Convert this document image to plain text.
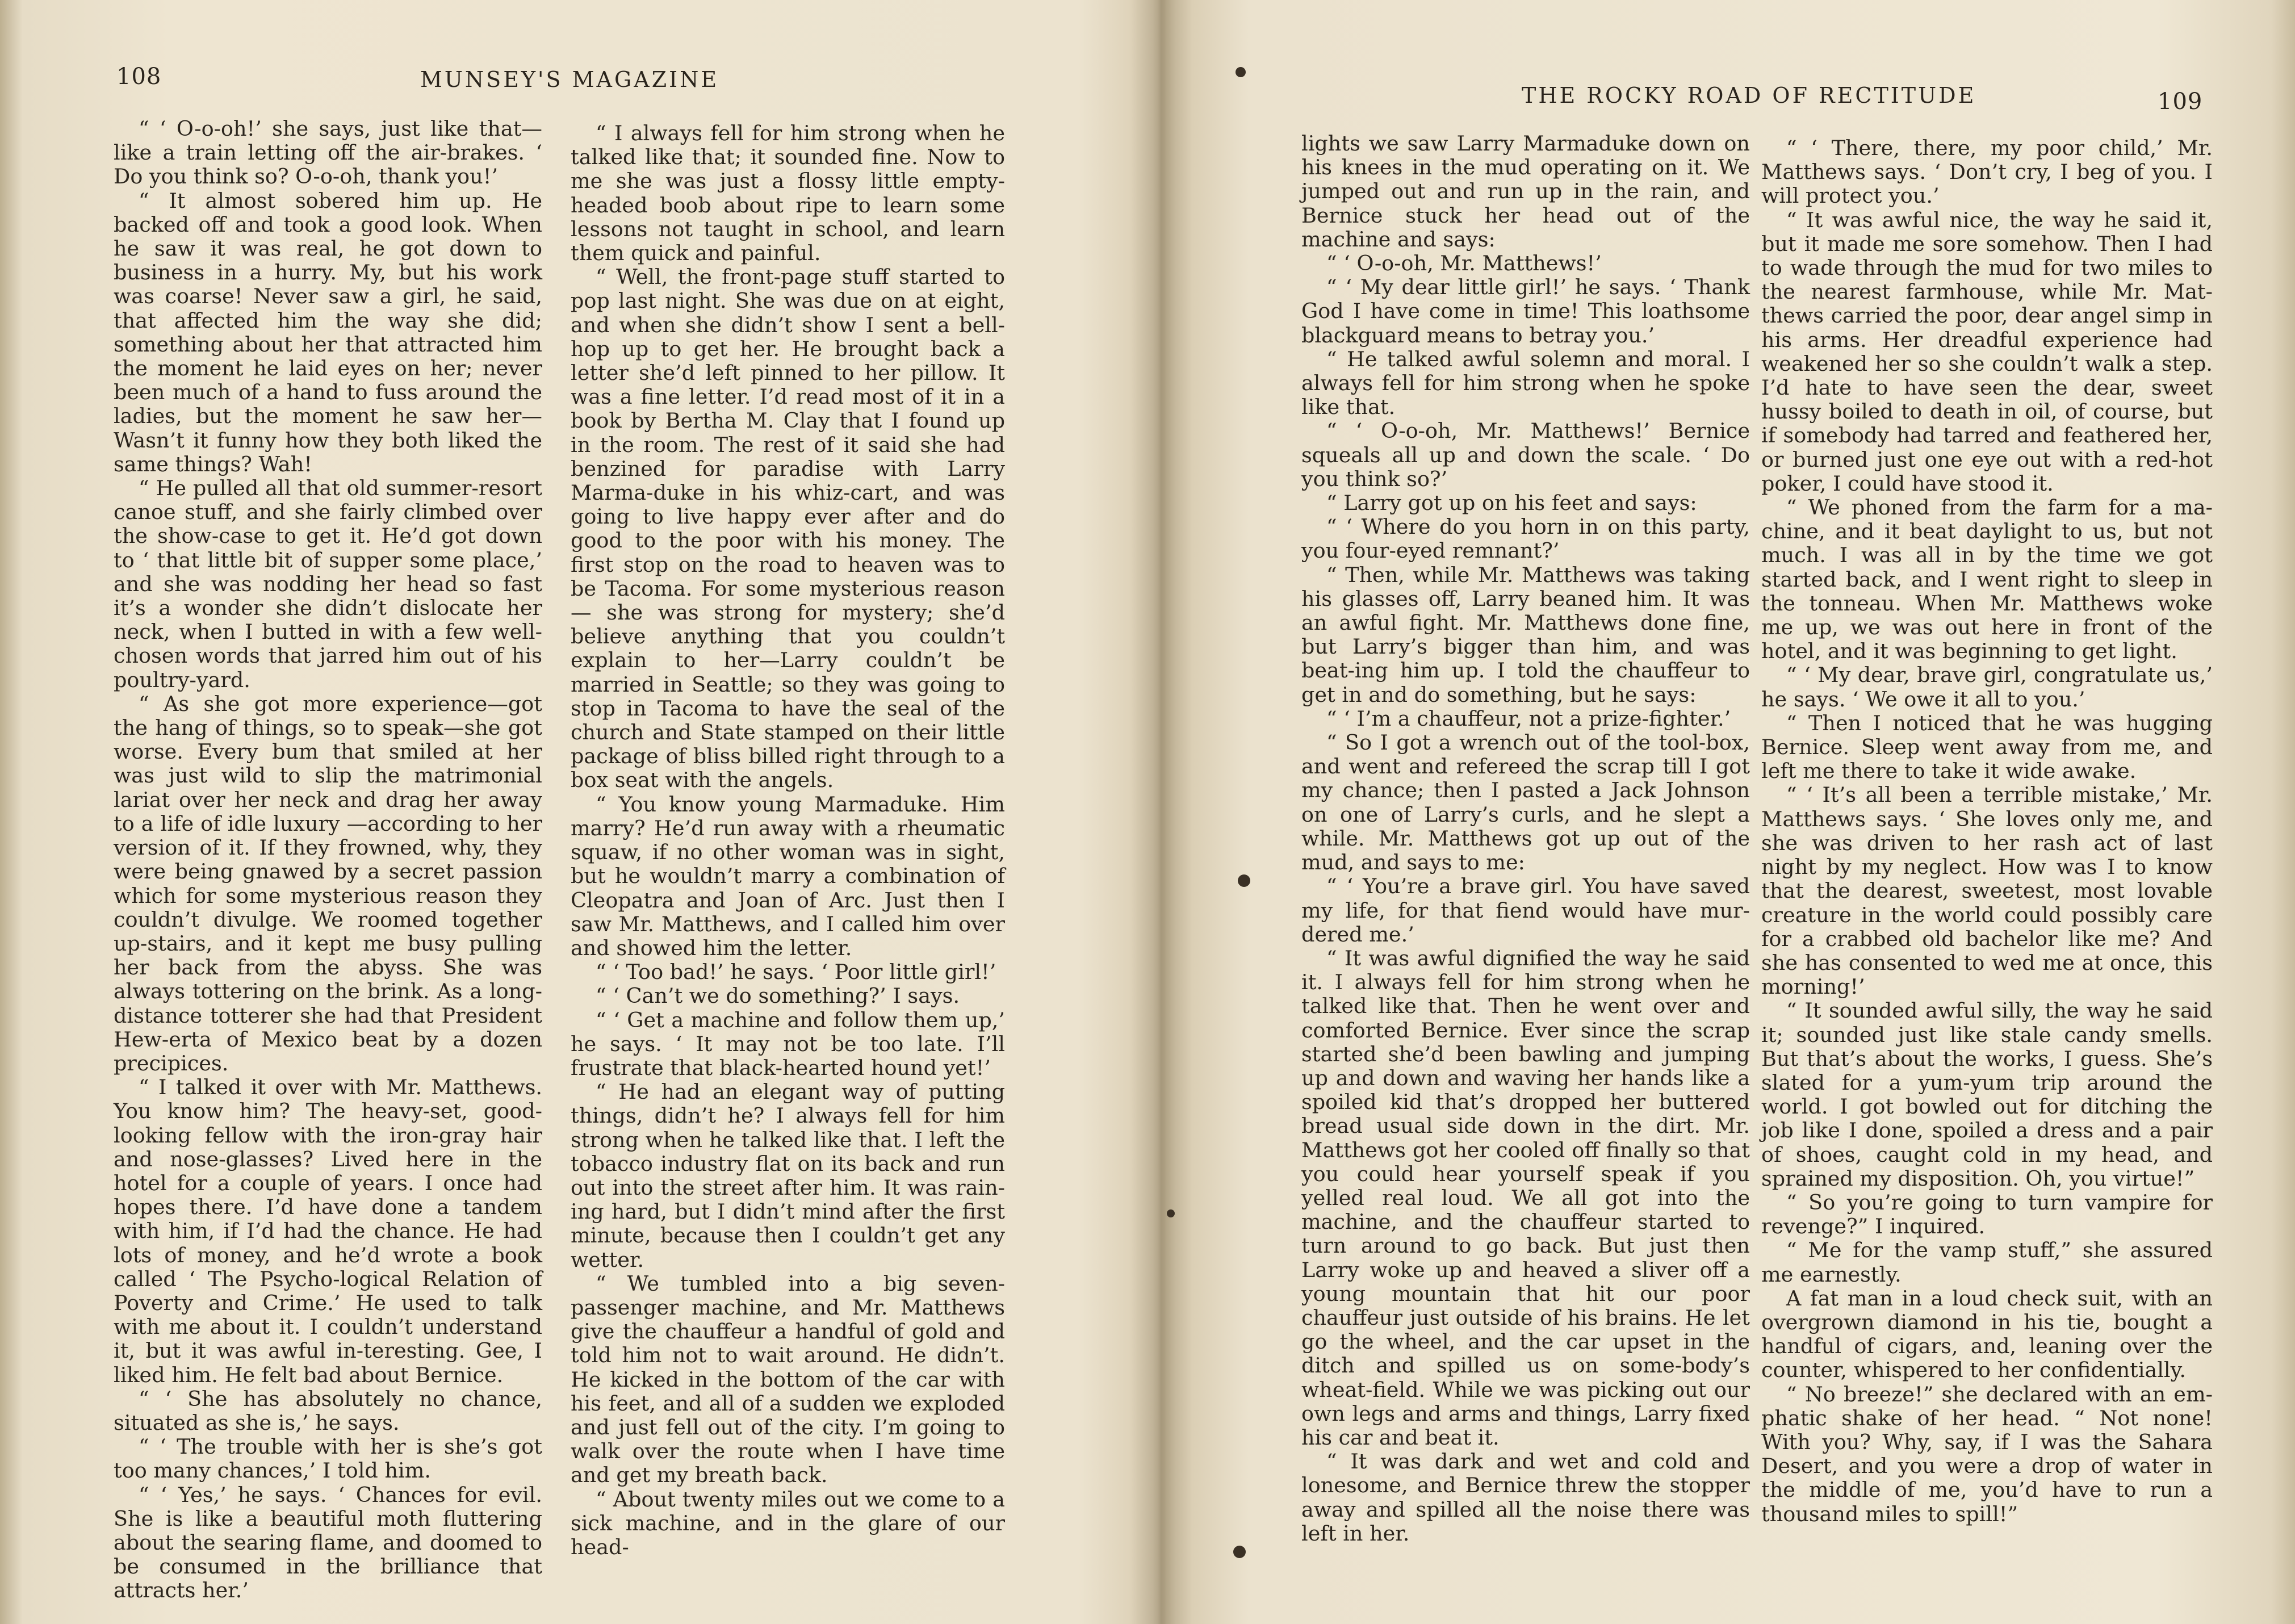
108	MUNSEY'S MAGAZINE

“ ‘ O-o-oh!’ she says, just like that—like a train letting off the air-brakes. ‘ Do you think so? O-o-oh, thank you!’

“ It almost sobered him up. He backed off and took a good look. When he saw it was real, he got down to business in a hurry. My, but his work was coarse! Never saw a girl, he said, that affected him the way she did; something about her that attracted him the moment he laid eyes on her; never been much of a hand to fuss around the ladies, but the moment he saw her— Wasn’t it funny how they both liked the same things? Wah!

“ He pulled all that old summer-resort canoe stuff, and she fairly climbed over the show-case to get it. He’d got down to ‘ that little bit of supper some place,’ and she was nodding her head so fast it’s a wonder she didn’t dislocate her neck, when I butted in with a few well-chosen words that jarred him out of his poultry-yard.

“ As she got more experience—got the hang of things, so to speak—she got worse. Every bum that smiled at her was just wild to slip the matrimonial lariat over her neck and drag her away to a life of idle luxury —according to her version of it. If they frowned, why, they were being gnawed by a secret passion which for some mysterious reason they couldn’t divulge. We roomed together up-stairs, and it kept me busy pulling her back from the abyss. She was always tottering on the brink. As a long-distance totterer she had that President Hew-erta of Mexico beat by a dozen precipices.

“ I talked it over with Mr. Matthews. You know him? The heavy-set, good-looking fellow with the iron-gray hair and nose-glasses? Lived here in the hotel for a couple of years. I once had hopes there. I’d have done a tandem with him, if I’d had the chance. He had lots of money, and he’d wrote a book called ‘ The Psycho-logical Relation of Poverty and Crime.’ He used to talk with me about it. I couldn’t understand it, but it was awful in-teresting. Gee, I liked him. He felt bad about Bernice.

“ ‘ She has absolutely no chance, situated as she is,’ he says.

“ ‘ The trouble with her is she’s got too many chances,’ I told him.

“ ‘ Yes,’ he says. ‘ Chances for evil. She is like a beautiful moth fluttering about the searing flame, and doomed to be consumed in the brilliance that attracts her.’

“ I always fell for him strong when he talked like that; it sounded fine. Now to me she was just a flossy little empty-headed boob about ripe to learn some lessons not taught in school, and learn them quick and painful.

“ Well, the front-page stuff started to pop last night. She was due on at eight, and when she didn’t show I sent a bell-hop up to get her. He brought back a letter she’d left pinned to her pillow. It was a fine letter. I’d read most of it in a book by Bertha M. Clay that I found up in the room. The rest of it said she had benzined for paradise with Larry Marma-duke in his whiz-cart, and was going to live happy ever after and do good to the poor with his money. The first stop on the road to heaven was to be Tacoma. For some mysterious reason — she was strong for mystery; she’d believe anything that you couldn’t explain to her—Larry couldn’t be married in Seattle; so they was going to stop in Tacoma to have the seal of the church and State stamped on their little package of bliss billed right through to a box seat with the angels.

“ You know young Marmaduke. Him marry? He’d run away with a rheumatic squaw, if no other woman was in sight, but he wouldn’t marry a combination of Cleopatra and Joan of Arc. Just then I saw Mr. Matthews, and I called him over and showed him the letter.

“ ‘ Too bad!’ he says. ‘ Poor little girl!’

“ ‘ Can’t we do something?’ I says.

“ ‘ Get a machine and follow them up,’ he says. ‘ It may not be too late. I’ll frustrate that black-hearted hound yet!’

“ He had an elegant way of putting things, didn’t he? I always fell for him strong when he talked like that. I left the tobacco industry flat on its back and run out into the street after him. It was rain-ing hard, but I didn’t mind after the first minute, because then I couldn’t get any wetter.

“ We tumbled into a big seven-passenger machine, and Mr. Matthews give the chauffeur a handful of gold and told him not to wait around. He didn’t. He kicked in the bottom of the car with his feet, and all of a sudden we exploded and just fell out of the city. I’m going to walk over the route when I have time and get my breath back.

“ About twenty miles out we come to a sick machine, and in the glare of our head-

THE ROCKY ROAD OF RECTITUDE	109

lights we saw Larry Marmaduke down on his knees in the mud operating on it. We jumped out and run up in the rain, and Bernice stuck her head out of the machine and says:

“ ‘ O-o-oh, Mr. Matthews!’

“ ‘ My dear little girl!’ he says. ‘ Thank God I have come in time! This loathsome blackguard means to betray you.’

“ He talked awful solemn and moral. I always fell for him strong when he spoke like that.

“ ‘ O-o-oh, Mr. Matthews!’ Bernice squeals all up and down the scale. ‘ Do you think so?’

“ Larry got up on his feet and says:

“ ‘ Where do you horn in on this party, you four-eyed remnant?’

“ Then, while Mr. Matthews was taking his glasses off, Larry beaned him. It was an awful fight. Mr. Matthews done fine, but Larry’s bigger than him, and was beat-ing him up. I told the chauffeur to get in and do something, but he says:

“ ‘ I’m a chauffeur, not a prize-fighter.’

“ So I got a wrench out of the tool-box, and went and refereed the scrap till I got my chance; then I pasted a Jack Johnson on one of Larry’s curls, and he slept a while. Mr. Matthews got up out of the mud, and says to me:

“ ‘ You’re a brave girl. You have saved my life, for that fiend would have mur-dered me.’

“ It was awful dignified the way he said it. I always fell for him strong when he talked like that. Then he went over and comforted Bernice. Ever since the scrap started she’d been bawling and jumping up and down and waving her hands like a spoiled kid that’s dropped her buttered bread usual side down in the dirt. Mr. Matthews got her cooled off finally so that you could hear yourself speak if you yelled real loud. We all got into the machine, and the chauffeur started to turn around to go back. But just then Larry woke up and heaved a sliver off a young mountain that hit our poor chauffeur just outside of his brains. He let go the wheel, and the car upset in the ditch and spilled us on some-body’s wheat-field. While we was picking out our own legs and arms and things, Larry fixed his car and beat it.

“ It was dark and wet and cold and lonesome, and Bernice threw the stopper away and spilled all the noise there was left in her.

“ ‘ There, there, my poor child,’ Mr. Matthews says. ‘ Don’t cry, I beg of you. I will protect you.’

“ It was awful nice, the way he said it, but it made me sore somehow. Then I had to wade through the mud for two miles to the nearest farmhouse, while Mr. Mat-thews carried the poor, dear angel simp in his arms. Her dreadful experience had weakened her so she couldn’t walk a step. I’d hate to have seen the dear, sweet hussy boiled to death in oil, of course, but if somebody had tarred and feathered her, or burned just one eye out with a red-hot poker, I could have stood it.

“ We phoned from the farm for a ma-chine, and it beat daylight to us, but not much. I was all in by the time we got started back, and I went right to sleep in the tonneau. When Mr. Matthews woke me up, we was out here in front of the hotel, and it was beginning to get light.

“ ‘ My dear, brave girl, congratulate us,’ he says. ‘ We owe it all to you.’

“ Then I noticed that he was hugging Bernice. Sleep went away from me, and left me there to take it wide awake.

“ ‘ It’s all been a terrible mistake,’ Mr. Matthews says. ‘ She loves only me, and she was driven to her rash act of last night by my neglect. How was I to know that the dearest, sweetest, most lovable creature in the world could possibly care for a crabbed old bachelor like me? And she has consented to wed me at once, this morning!’

“ It sounded awful silly, the way he said it; sounded just like stale candy smells. But that’s about the works, I guess. She’s slated for a yum-yum trip around the world. I got bowled out for ditching the job like I done, spoiled a dress and a pair of shoes, caught cold in my head, and sprained my disposition. Oh, you virtue!”

“ So you’re going to turn vampire for revenge?” I inquired.

“ Me for the vamp stuff,” she assured me earnestly.

A fat man in a loud check suit, with an overgrown diamond in his tie, bought a handful of cigars, and, leaning over the counter, whispered to her confidentially.

“ No breeze!” she declared with an em-phatic shake of her head. “ Not none! With you? Why, say, if I was the Sahara Desert, and you were a drop of water in the middle of me, you’d have to run a thousand miles to spill!”
